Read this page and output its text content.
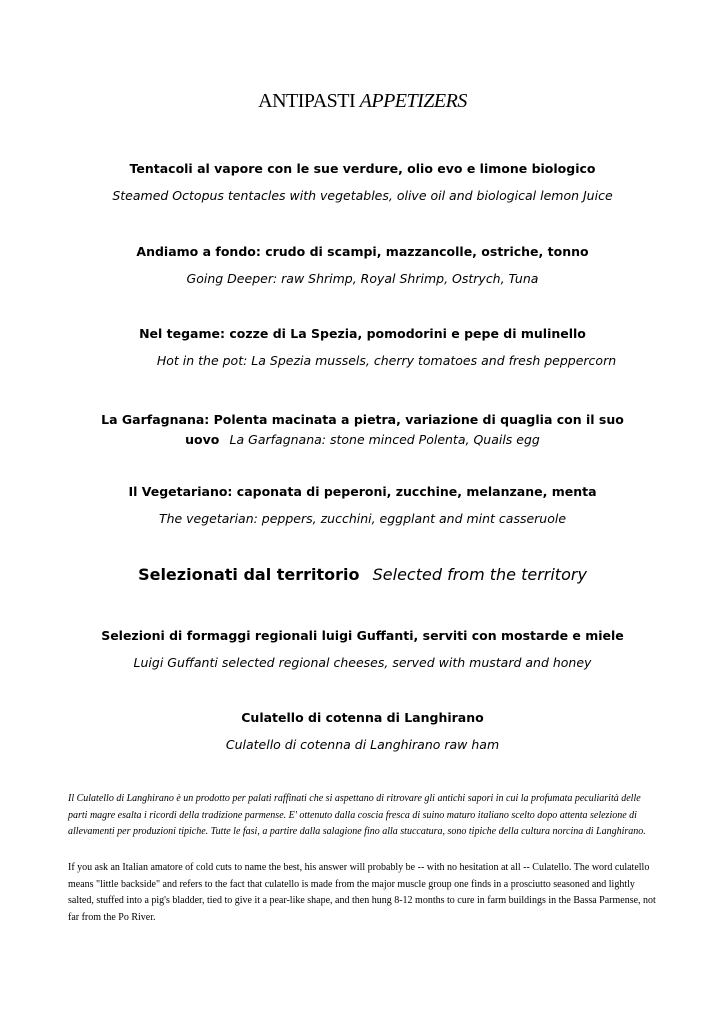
ANTIPASTI APPETIZERS
Tentacoli al vapore con le sue verdure, olio evo e limone biologico
Steamed Octopus tentacles with vegetables, olive oil and biological lemon Juice
Andiamo a fondo: crudo di scampi, mazzancolle, ostriche, tonno
Going Deeper: raw Shrimp, Royal Shrimp, Ostrych, Tuna
Nel tegame: cozze di La Spezia, pomodorini e pepe di mulinello
Hot in the pot: La Spezia mussels, cherry tomatoes and fresh peppercorn
La Garfagnana: Polenta macinata a pietra, variazione di quaglia con il suo uovo La Garfagnana: stone minced Polenta, Quails egg
Il Vegetariano: caponata di peperoni, zucchine, melanzane, menta
The vegetarian: peppers, zucchini, eggplant and mint casseruole
Selezionati dal territorio Selected from the territory
Selezioni di formaggi regionali luigi Guffanti, serviti con mostarde e miele
Luigi Guffanti selected regional cheeses, served with mustard and honey
Culatello di cotenna di Langhirano
Culatello di cotenna di Langhirano raw ham
Il Culatello di Langhirano è un prodotto per palati raffinati che si aspettano di ritrovare gli antichi sapori in cui la profumata peculiarità delle parti magre esalta i ricordi della tradizione parmense. E' ottenuto dalla coscia fresca di suino maturo italiano scelto dopo attenta selezione di allevamenti per produzioni tipiche. Tutte le fasi, a partire dalla salagione fino alla stuccatura, sono tipiche della cultura norcina di Langhirano.
If you ask an Italian amatore of cold cuts to name the best, his answer will probably be -- with no hesitation at all -- Culatello. The word culatello means "little backside" and refers to the fact that culatello is made from the major muscle group one finds in a prosciutto seasoned and lightly salted, stuffed into a pig's bladder, tied to give it a pear-like shape, and then hung 8-12 months to cure in farm buildings in the Bassa Parmense, not far from the Po River.
